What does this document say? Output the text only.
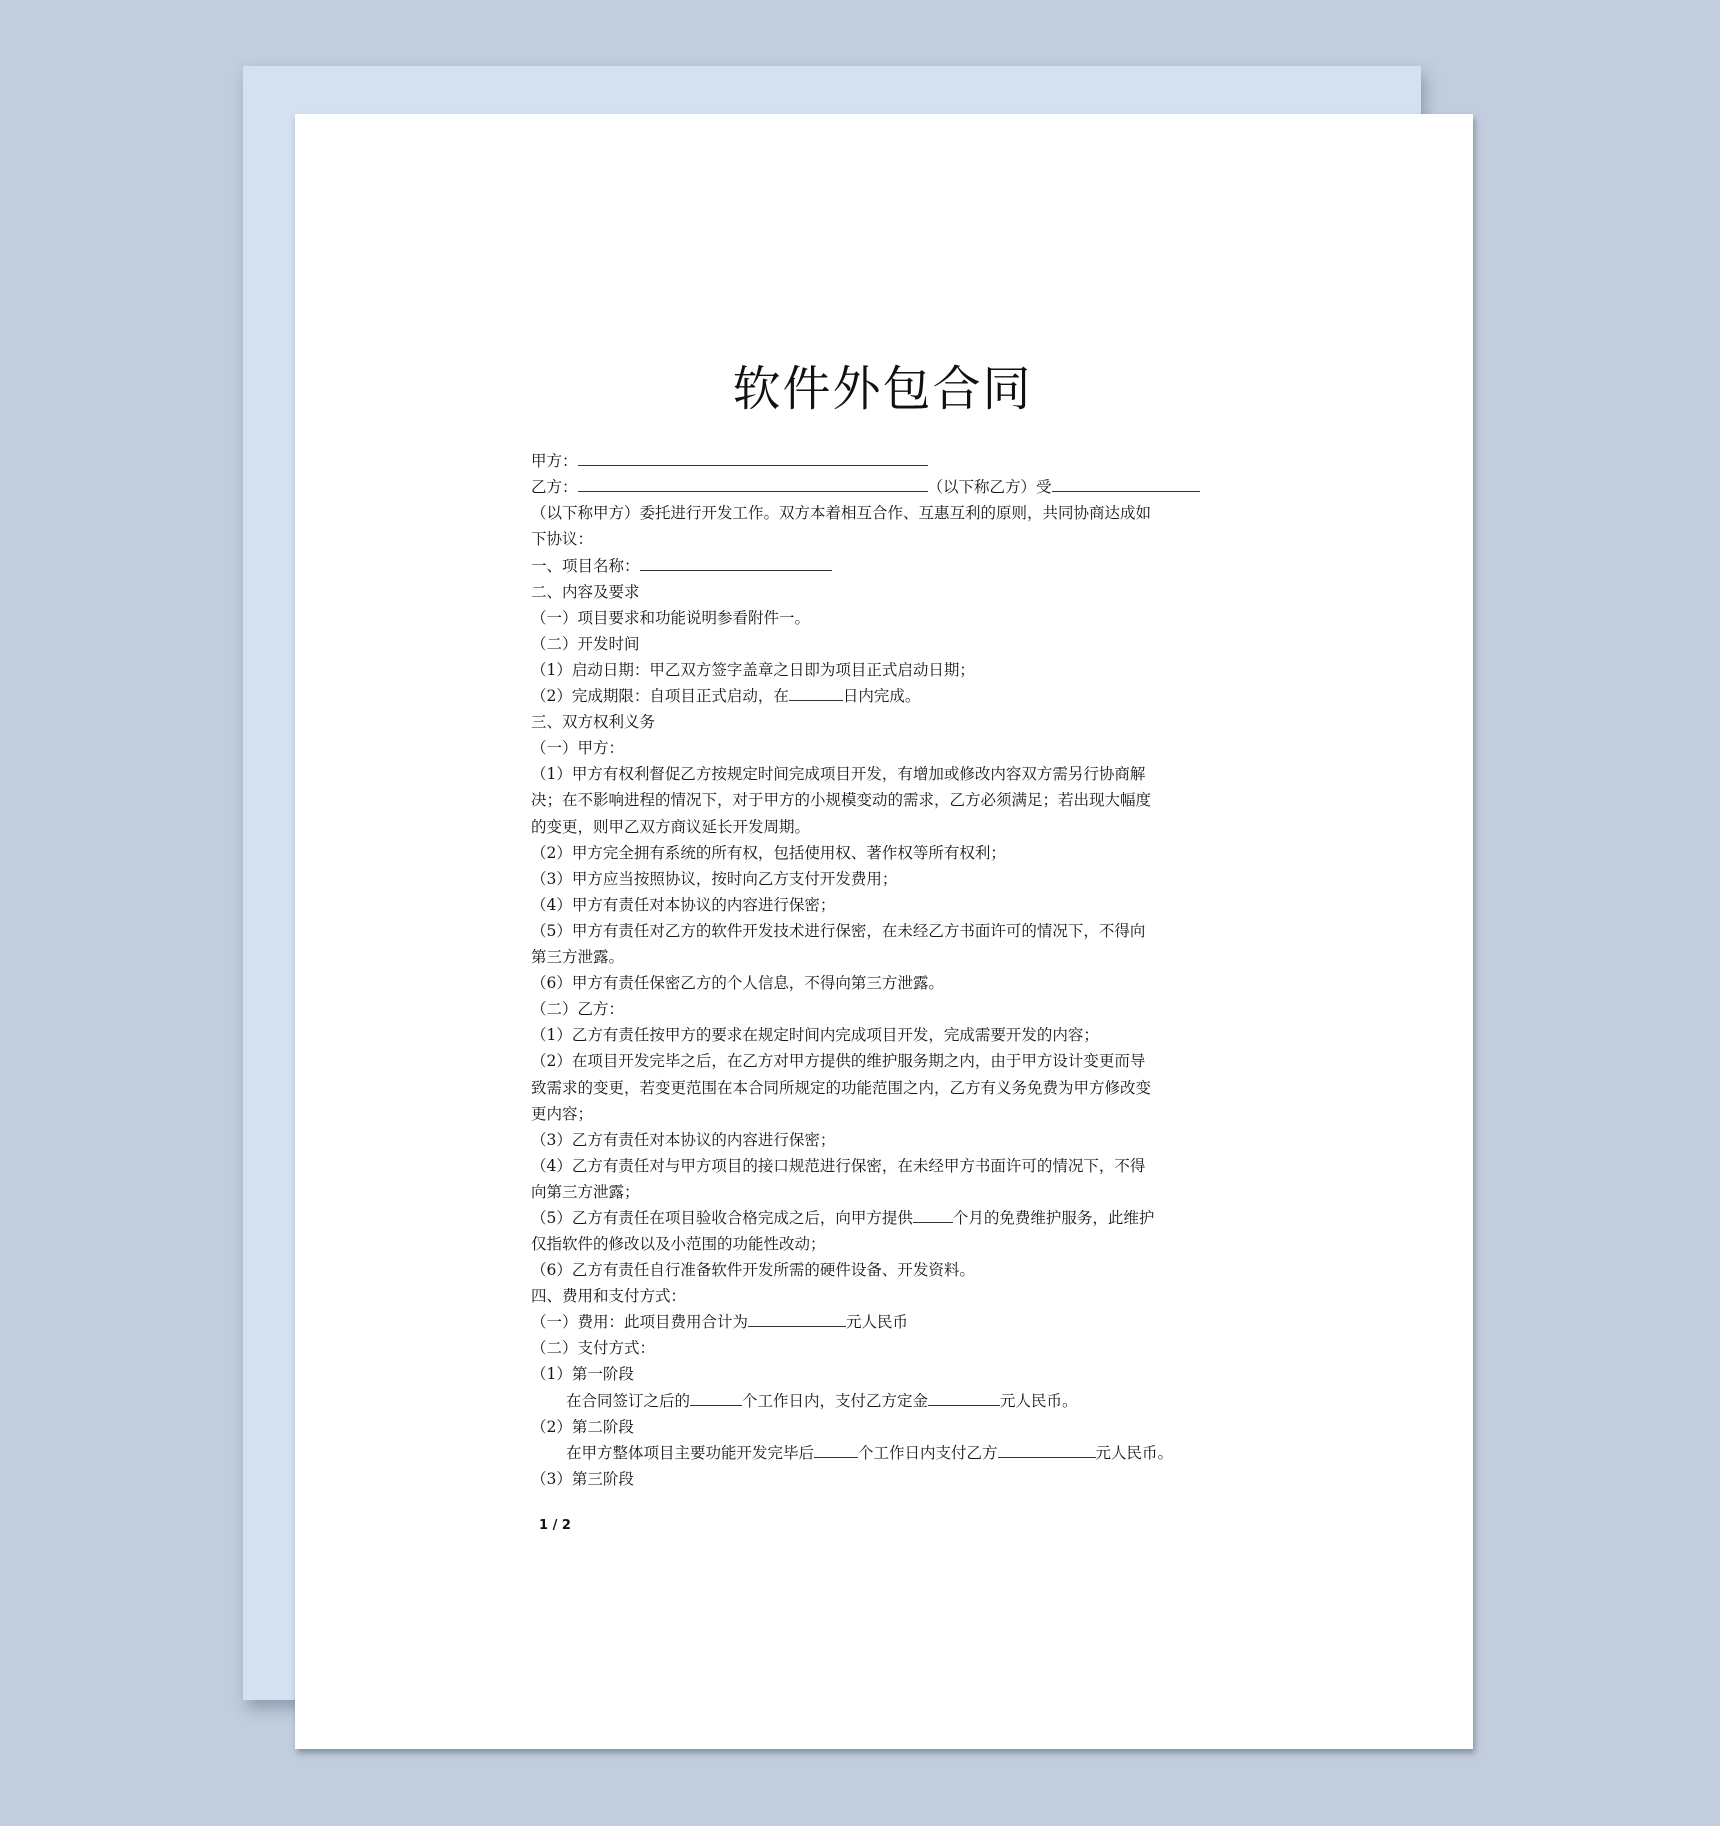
软件外包合同
甲方：
乙方：	（以下称乙方）受
（以下称甲方）委托进行开发工作。双方本着相互合作、互惠互利的原则，共同协商达成如
下协议：
一、项目名称：
二、内容及要求
（一）项目要求和功能说明参看附件一。
（二）开发时间
（1）启动日期：甲乙双方签字盖章之日即为项目正式启动日期；
（2）完成期限：自项目正式启动，在	日内完成。
三、双方权利义务
（一）甲方：
（1）甲方有权利督促乙方按规定时间完成项目开发，有增加或修改内容双方需另行协商解
决；在不影响进程的情况下，对于甲方的小规模变动的需求，乙方必须满足；若出现大幅度
的变更，则甲乙双方商议延长开发周期。
（2）甲方完全拥有系统的所有权，包括使用权、著作权等所有权利；
（3）甲方应当按照协议，按时向乙方支付开发费用；
（4）甲方有责任对本协议的内容进行保密；
（5）甲方有责任对乙方的软件开发技术进行保密，在未经乙方书面许可的情况下，不得向
第三方泄露。
（6）甲方有责任保密乙方的个人信息，不得向第三方泄露。
（二）乙方：
（1）乙方有责任按甲方的要求在规定时间内完成项目开发，完成需要开发的内容；
（2）在项目开发完毕之后，在乙方对甲方提供的维护服务期之内，由于甲方设计变更而导
致需求的变更，若变更范围在本合同所规定的功能范围之内，乙方有义务免费为甲方修改变
更内容；
（3）乙方有责任对本协议的内容进行保密；
（4）乙方有责任对与甲方项目的接口规范进行保密，在未经甲方书面许可的情况下，不得
向第三方泄露；
（5）乙方有责任在项目验收合格完成之后，向甲方提供	个月的免费维护服务，此维护
仅指软件的修改以及小范围的功能性改动；
（6）乙方有责任自行准备软件开发所需的硬件设备、开发资料。
四、费用和支付方式：
（一）费用：此项目费用合计为	元人民币
（二）支付方式：
（1）第一阶段
在合同签订之后的	个工作日内，支付乙方定金	元人民币。
（2）第二阶段
在甲方整体项目主要功能开发完毕后	个工作日内支付乙方	元人民币。
（3）第三阶段
1 / 2
